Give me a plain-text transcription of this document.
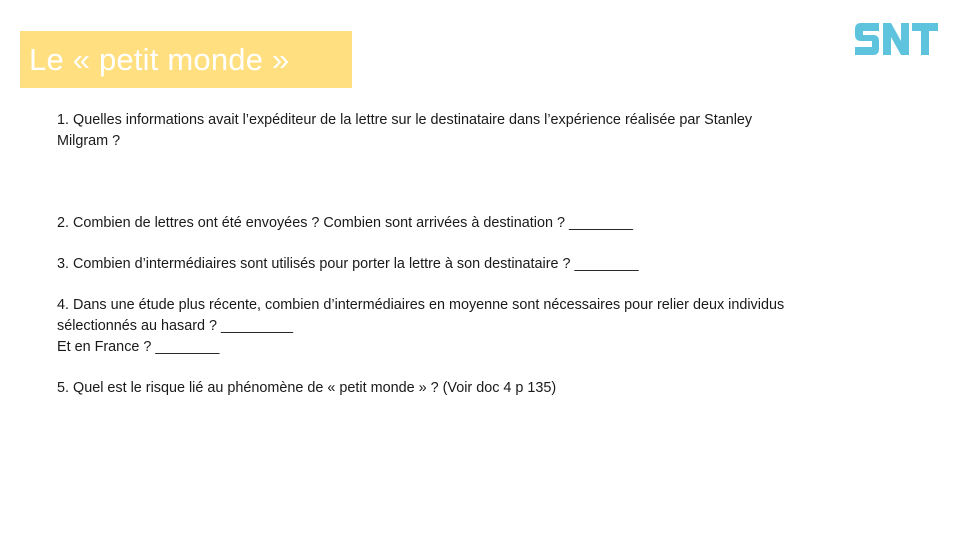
Le « petit monde »

1. Quelles informations avait l’expéditeur de la lettre sur le destinataire dans l’expérience réalisée par Stanley
Milgram ?

2. Combien de lettres ont été envoyées ? Combien sont arrivées à destination ? ________

3. Combien d’intermédiaires sont utilisés pour porter la lettre à son destinataire ? ________

4. Dans une étude plus récente, combien d’intermédiaires en moyenne sont nécessaires pour relier deux individus
sélectionnés au hasard ? _________
Et en France ? ________

5. Quel est le risque lié au phénomène de « petit monde » ? (Voir doc 4 p 135)
